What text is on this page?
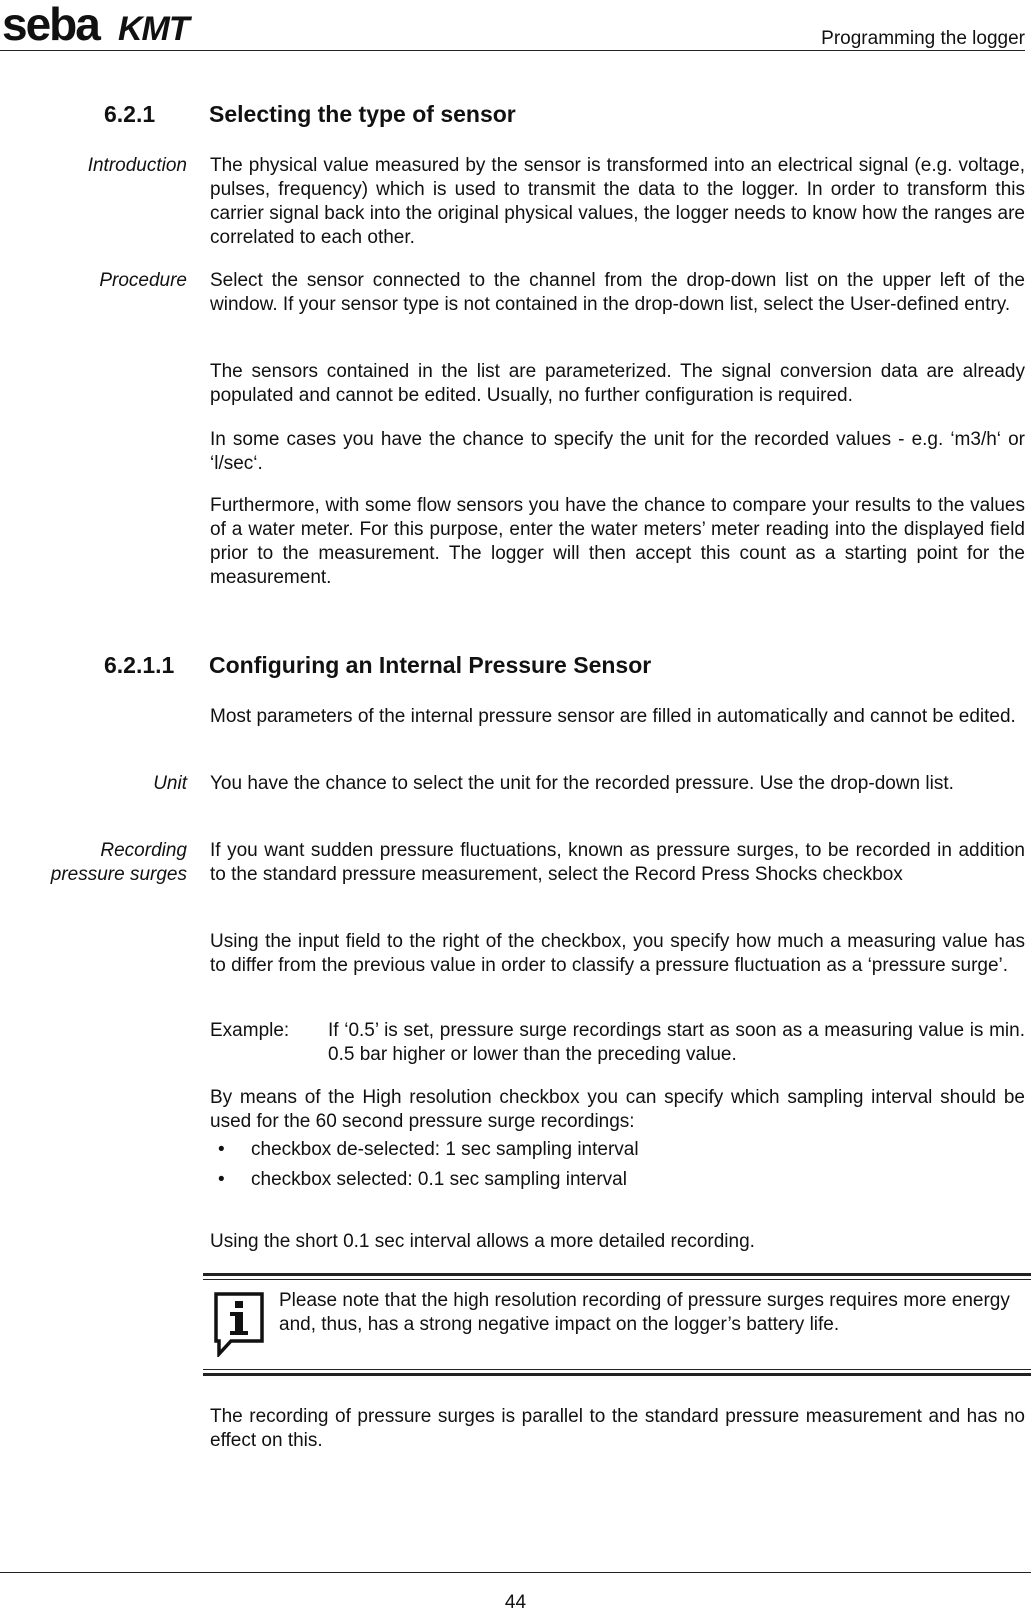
seba KMT	Programming the logger
6.2.1 Selecting the type of sensor
Introduction The physical value measured by the sensor is transformed into an electrical signal (e.g. voltage, pulses, frequency) which is used to transmit the data to the logger. In order to transform this carrier signal back into the original physical values, the logger needs to know how the ranges are correlated to each other.
Procedure Select the sensor connected to the channel from the drop-down list on the upper left of the window. If your sensor type is not contained in the drop-down list, select the User-defined entry.
The sensors contained in the list are parameterized. The signal conversion data are already populated and cannot be edited. Usually, no further configuration is required.
In some cases you have the chance to specify the unit for the recorded values - e.g. ‘m3/h‘ or ‘l/sec‘.
Furthermore, with some flow sensors you have the chance to compare your results to the values of a water meter. For this purpose, enter the water meters’ meter reading into the displayed field prior to the measurement. The logger will then accept this count as a starting point for the measurement.
6.2.1.1 Configuring an Internal Pressure Sensor
Most parameters of the internal pressure sensor are filled in automatically and cannot be edited.
Unit You have the chance to select the unit for the recorded pressure. Use the drop-down list.
Recording
pressure surges
If you want sudden pressure fluctuations, known as pressure surges, to be recorded in addition to the standard pressure measurement, select the Record Press Shocks checkbox
Using the input field to the right of the checkbox, you specify how much a measuring value has to differ from the previous value in order to classify a pressure fluctuation as a ‘pressure surge’.
Example: If ‘0.5’ is set, pressure surge recordings start as soon as a measuring value is min. 0.5 bar higher or lower than the preceding value.
By means of the High resolution checkbox you can specify which sampling interval should be used for the 60 second pressure surge recordings:
• checkbox de-selected: 1 sec sampling interval
• checkbox selected: 0.1 sec sampling interval
Using the short 0.1 sec interval allows a more detailed recording.
Please note that the high resolution recording of pressure surges requires more energy and, thus, has a strong negative impact on the logger’s battery life.
The recording of pressure surges is parallel to the standard pressure measurement and has no effect on this.
44
